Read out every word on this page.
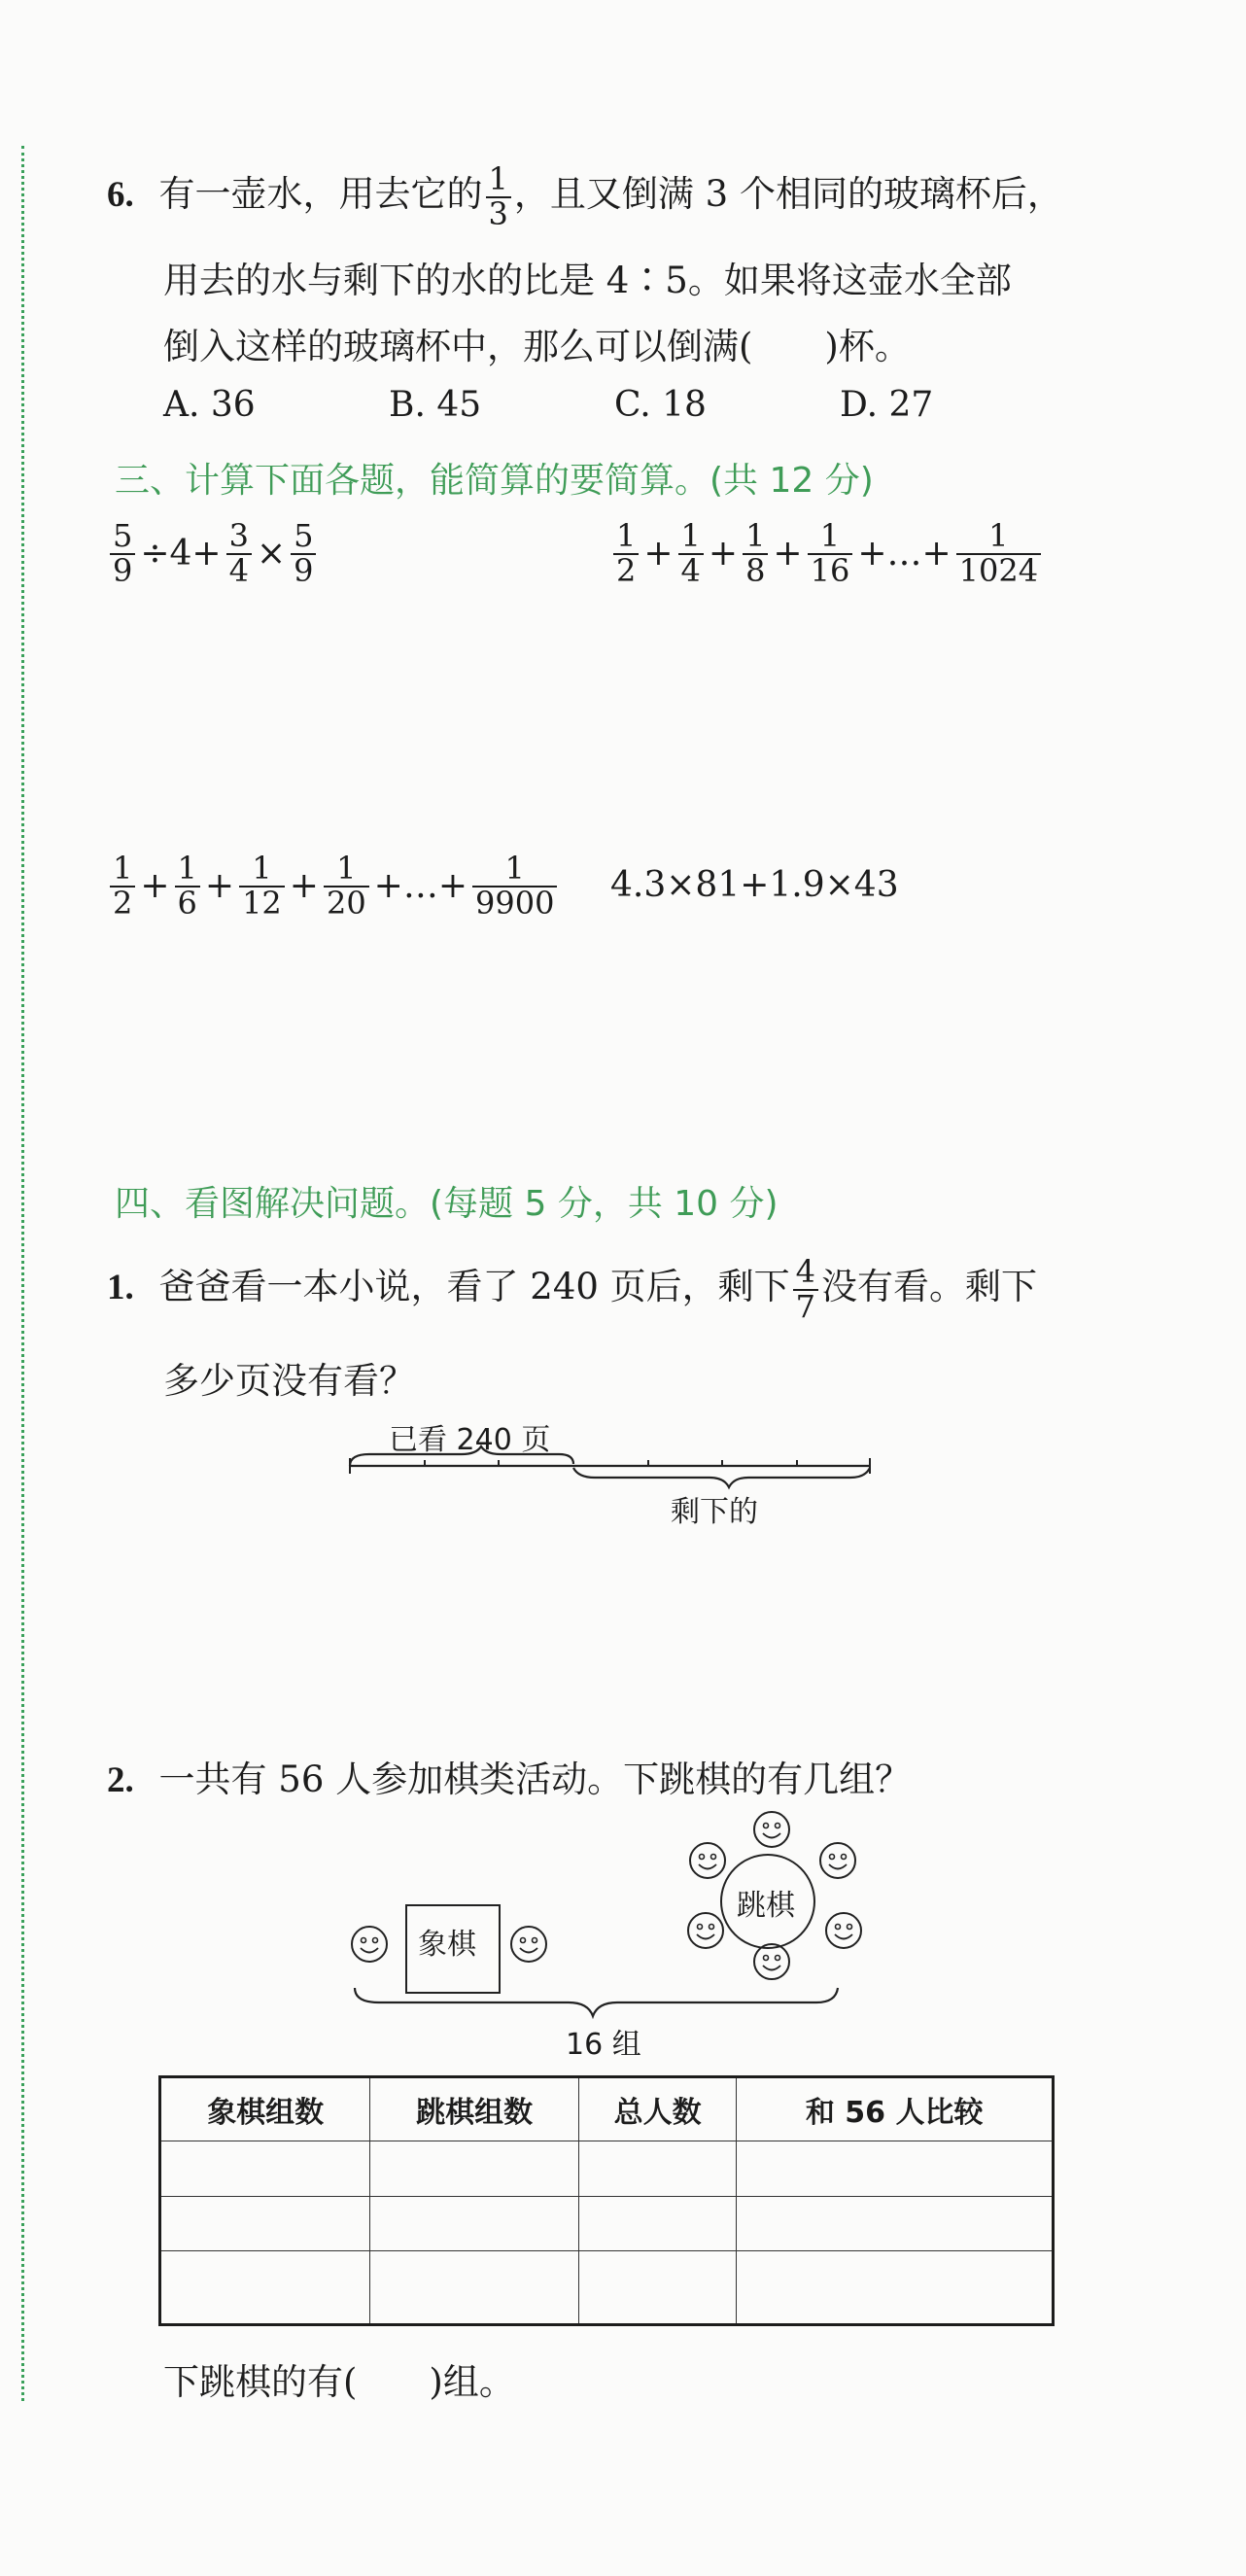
6. 有一壶水，用去它的 $\frac{1}{3}$ ，且又倒满 3 个相同的玻璃杯后，
用去的水与剩下的水的比是 4∶5。如果将这壶水全部
倒入这样的玻璃杯中，那么可以倒满(　　)杯。
A. 36	B. 45	C. 18	D. 27
三、计算下面各题，能简算的要简算。(共 12 分)
$\frac{5}{9} \div 4+ \frac{3}{4} \times \frac{5}{9}$	$\frac{1}{2} + \frac{1}{4} + \frac{1}{8} + \frac{1}{16}$ +…+ $\frac{1}{1024}$
$\frac{1}{2} + \frac{1}{6} + \frac{1}{12} + \frac{1}{20}$ +…+ $\frac{1}{9900} 4.3\times 81+1.9\times 43$
四、看图解决问题。(每题 5 分，共 10 分)
1. 爸爸看一本小说，看了 240 页后，剩下 $\frac{4}{7}$ 没有看。剩下
多少页没有看？
已看 240 页
剩下的
2. 一共有 56 人参加棋类活动。下跳棋的有几组？
象棋
跳棋
16 组
象棋组数	跳棋组数	总人数	和 56 人比较

下跳棋的有(　　)组。
